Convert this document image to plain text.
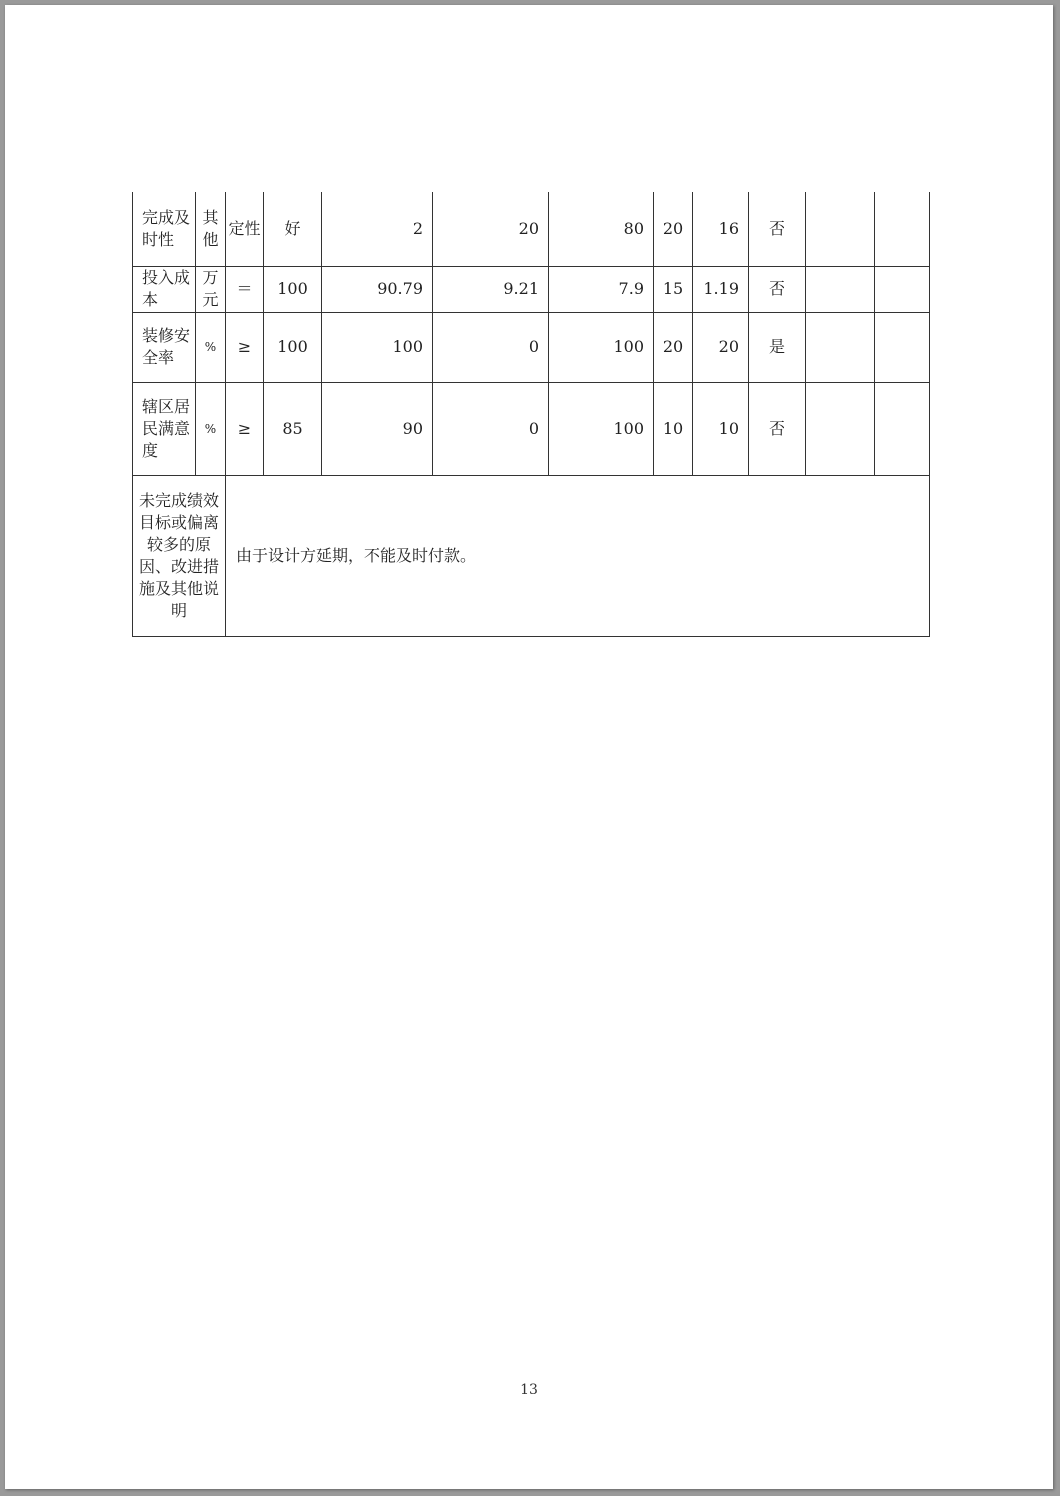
完成及时性	其他	定性	好	2	20	80	20	16	否		
投入成本	万元	＝	100	90.79	9.21	7.9	15	1.19	否		
装修安全率	%	≥	100	100	0	100	20	20	是		
辖区居民满意度	%	≥	85	90	0	100	10	10	否		
未完成绩效目标或偏离较多的原因、改进措施及其他说明		由于设计方延期，不能及时付款。									
13
